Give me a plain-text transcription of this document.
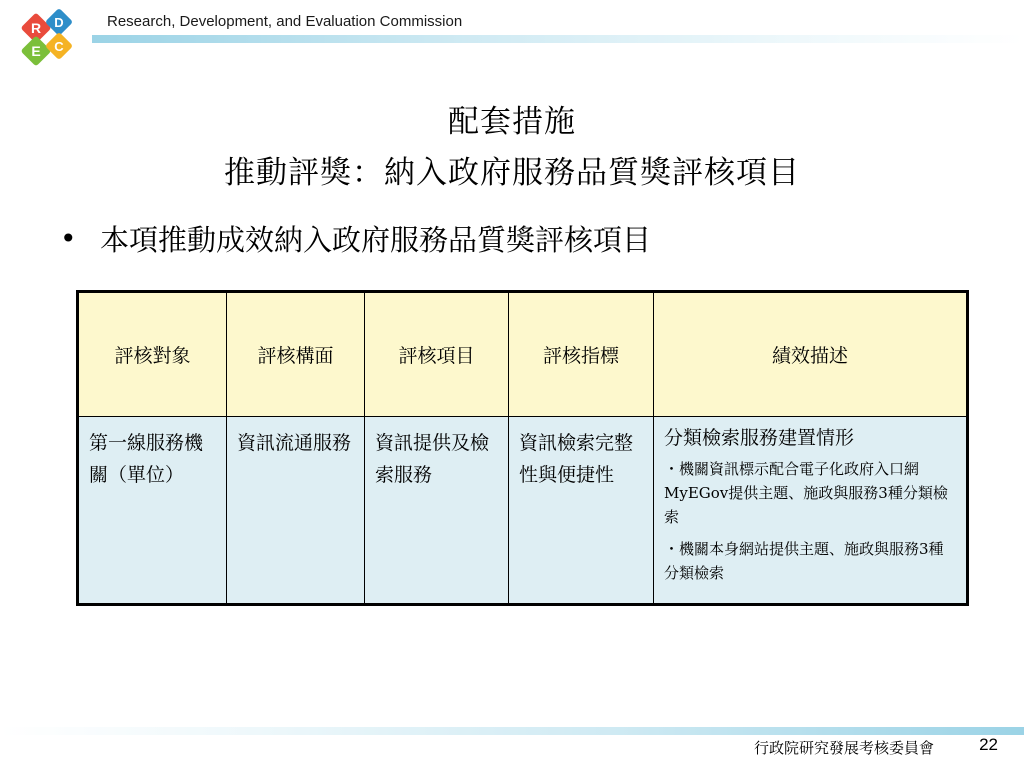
R D
E C
Research, Development, and Evaluation Commission
配套措施
推動評獎：納入政府服務品質獎評核項目
• 本項推動成效納入政府服務品質獎評核項目
評核對象	評核構面	評核項目	評核指標	績效描述
第一線服務機關（單位）	資訊流通服務	資訊提供及檢索服務	資訊檢索完整性與便捷性	分類檢索服務建置情形
・機關資訊標示配合電子化政府入口網MyEGov提供主題、施政與服務3種分類檢索
・機關本身網站提供主題、施政與服務3種分類檢索
行政院研究發展考核委員會	22
